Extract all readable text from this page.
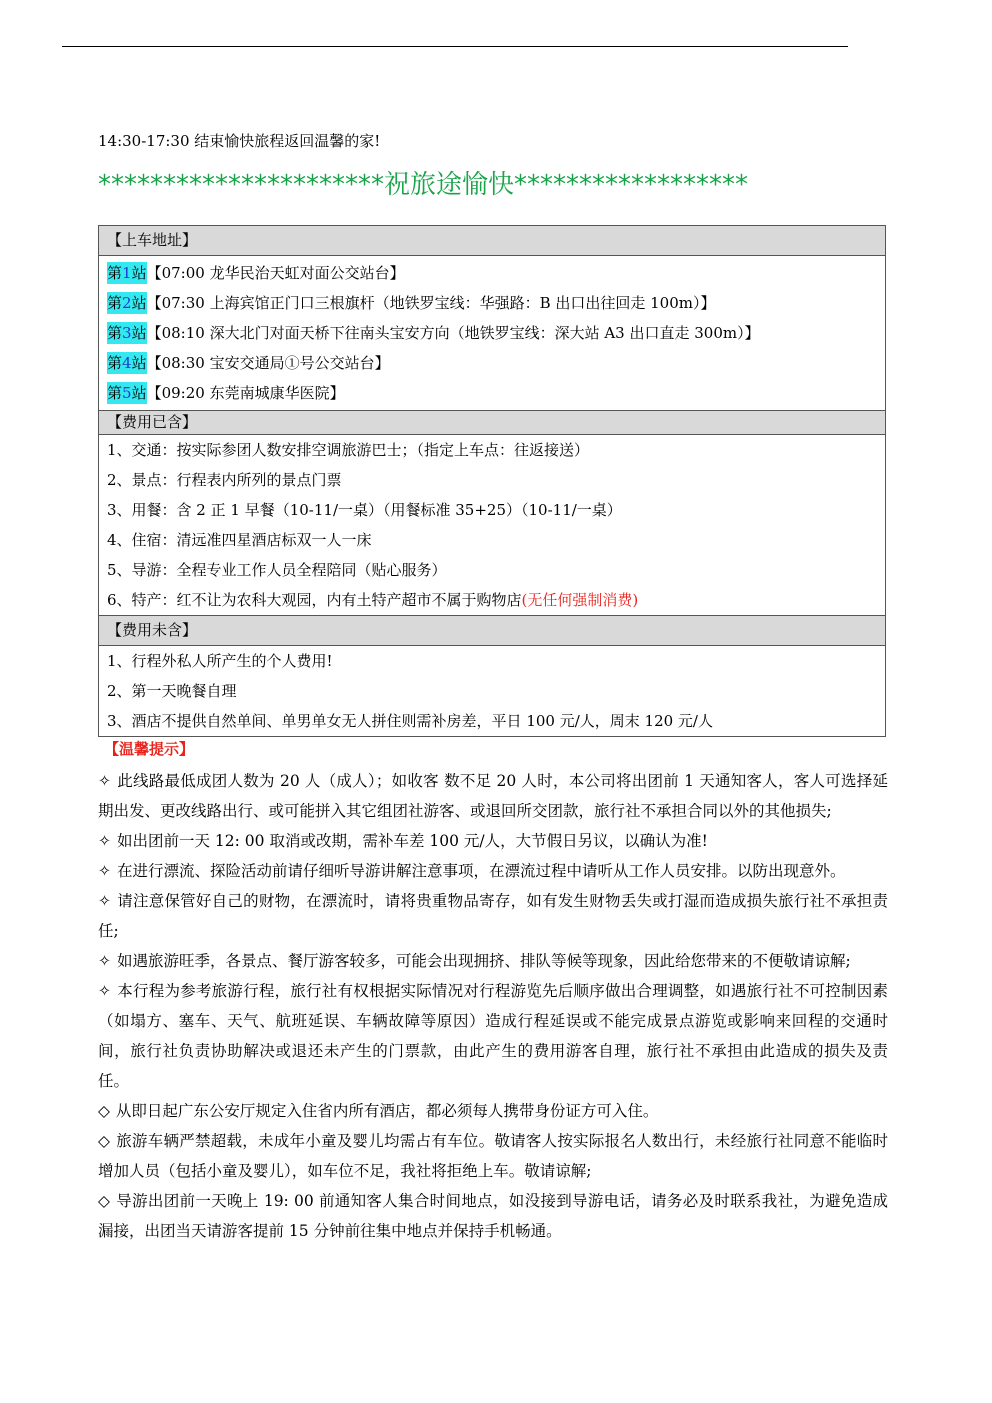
14:30-17:30 结束愉快旅程返回温馨的家!
**********************祝旅途愉快******************
【上车地址】

第1站【07:00 龙华民治天虹对面公交站台】
第2站【07:30 上海宾馆正门口三根旗杆（地铁罗宝线：华强路：B 出口出往回走 100m）】
第3站【08:10 深大北门对面天桥下往南头宝安方向（地铁罗宝线：深大站 A3 出口直走 300m）】
第4站【08:30 宝安交通局①号公交站台】
第5站【09:20 东莞南城康华医院】

【费用已含】

1、交通：按实际参团人数安排空调旅游巴士；（指定上车点：往返接送）
2、景点：行程表内所列的景点门票
3、用餐：含 2 正 1 早餐（10-11/一桌）（用餐标准 35+25）（10-11/一桌）
4、住宿：清远准四星酒店标双一人一床
5、导游：全程专业工作人员全程陪同（贴心服务）
6、特产：红不让为农科大观园，内有土特产超市不属于购物店(无任何强制消费)

【费用未含】

1、行程外私人所产生的个人费用!
2、第一天晚餐自理
3、酒店不提供自然单间、单男单女无人拼住则需补房差，平日 100 元/人，周末 120 元/人
【温馨提示】

✧ 此线路最低成团人数为 20 人（成人）；如收客 数不足 20 人时，本公司将出团前 1 天通知客人，客人可选择延期出发、更改线路出行、或可能拼入其它组团社游客、或退回所交团款，旅行社不承担合同以外的其他损失;

✧ 如出团前一天 12: 00 取消或改期，需补车差 100 元/人，大节假日另议，以确认为准!

✧ 在进行漂流、探险活动前请仔细听导游讲解注意事项，在漂流过程中请听从工作人员安排。以防出现意外。

✧ 请注意保管好自己的财物，在漂流时，请将贵重物品寄存，如有发生财物丢失或打湿而造成损失旅行社不承担责任;

✧ 如遇旅游旺季，各景点、餐厅游客较多，可能会出现拥挤、排队等候等现象，因此给您带来的不便敬请谅解;

✧ 本行程为参考旅游行程，旅行社有权根据实际情况对行程游览先后顺序做出合理调整，如遇旅行社不可控制因素（如塌方、塞车、天气、航班延误、车辆故障等原因）造成行程延误或不能完成景点游览或影响来回程的交通时间，旅行社负责协助解决或退还未产生的门票款，由此产生的费用游客自理，旅行社不承担由此造成的损失及责任。

◇ 从即日起广东公安厅规定入住省内所有酒店，都必须每人携带身份证方可入住。

◇ 旅游车辆严禁超载，未成年小童及婴儿均需占有车位。敬请客人按实际报名人数出行，未经旅行社同意不能临时增加人员（包括小童及婴儿），如车位不足，我社将拒绝上车。敬请谅解;

◇ 导游出团前一天晚上 19: 00 前通知客人集合时间地点，如没接到导游电话，请务必及时联系我社，为避免造成漏接，出团当天请游客提前 15 分钟前往集中地点并保持手机畅通。
